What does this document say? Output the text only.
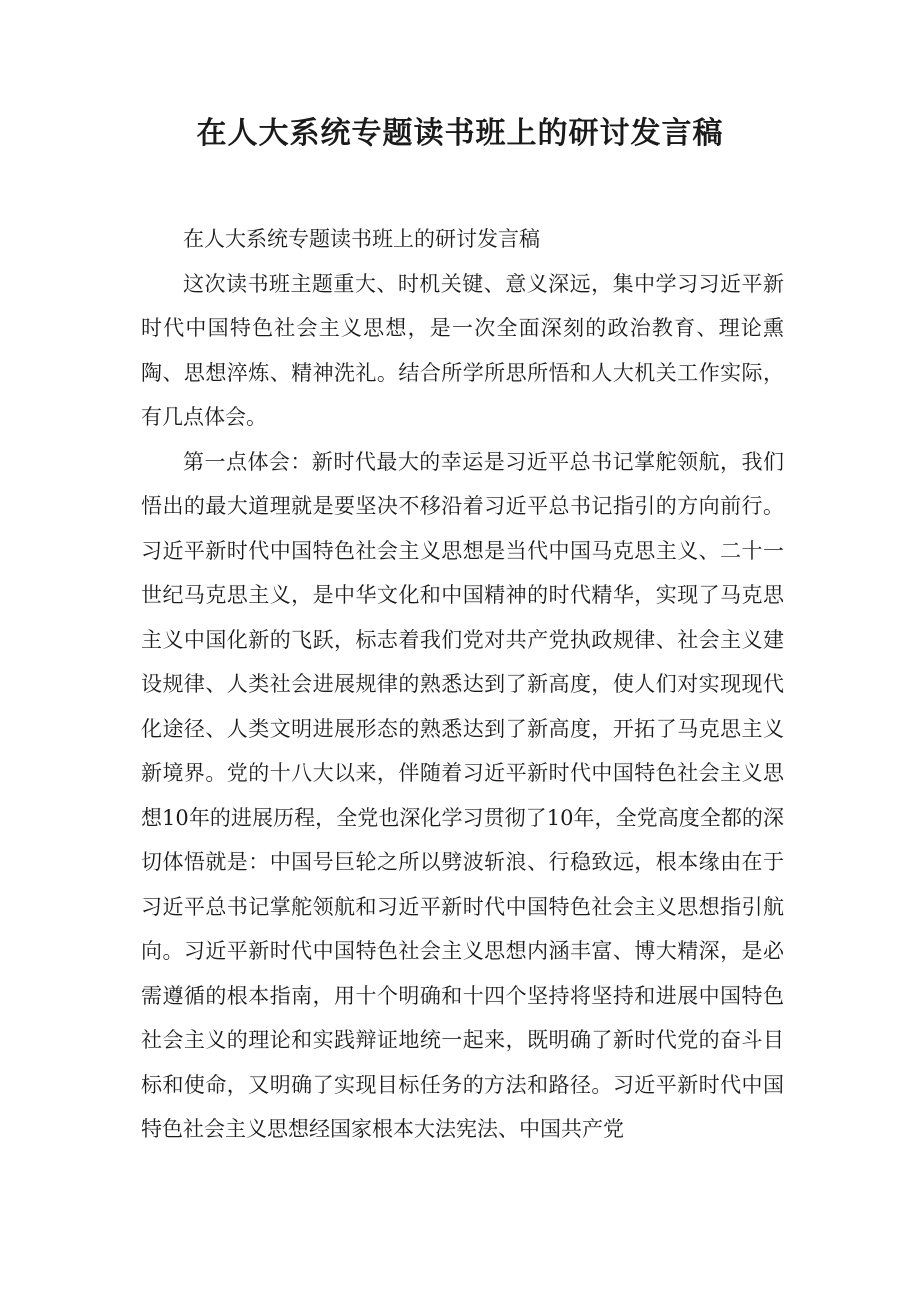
在人大系统专题读书班上的研讨发言稿

在人大系统专题读书班上的研讨发言稿

这次读书班主题重大、时机关键、意义深远，集中学习习近平新时代中国特色社会主义思想，是一次全面深刻的政治教育、理论熏陶、思想淬炼、精神洗礼。结合所学所思所悟和人大机关工作实际，有几点体会。

第一点体会：新时代最大的幸运是习近平总书记掌舵领航，我们悟出的最大道理就是要坚决不移沿着习近平总书记指引的方向前行。习近平新时代中国特色社会主义思想是当代中国马克思主义、二十一世纪马克思主义，是中华文化和中国精神的时代精华，实现了马克思主义中国化新的飞跃，标志着我们党对共产党执政规律、社会主义建设规律、人类社会进展规律的熟悉达到了新高度，使人们对实现现代化途径、人类文明进展形态的熟悉达到了新高度，开拓了马克思主义新境界。党的十八大以来，伴随着习近平新时代中国特色社会主义思想10年的进展历程，全党也深化学习贯彻了10年，全党高度全都的深切体悟就是：中国号巨轮之所以劈波斩浪、行稳致远，根本缘由在于习近平总书记掌舵领航和习近平新时代中国特色社会主义思想指引航向。习近平新时代中国特色社会主义思想内涵丰富、博大精深，是必需遵循的根本指南，用十个明确和十四个坚持将坚持和进展中国特色社会主义的理论和实践辩证地统一起来，既明确了新时代党的奋斗目标和使命，又明确了实现目标任务的方法和路径。习近平新时代中国特色社会主义思想经国家根本大法宪法、中国共产党
